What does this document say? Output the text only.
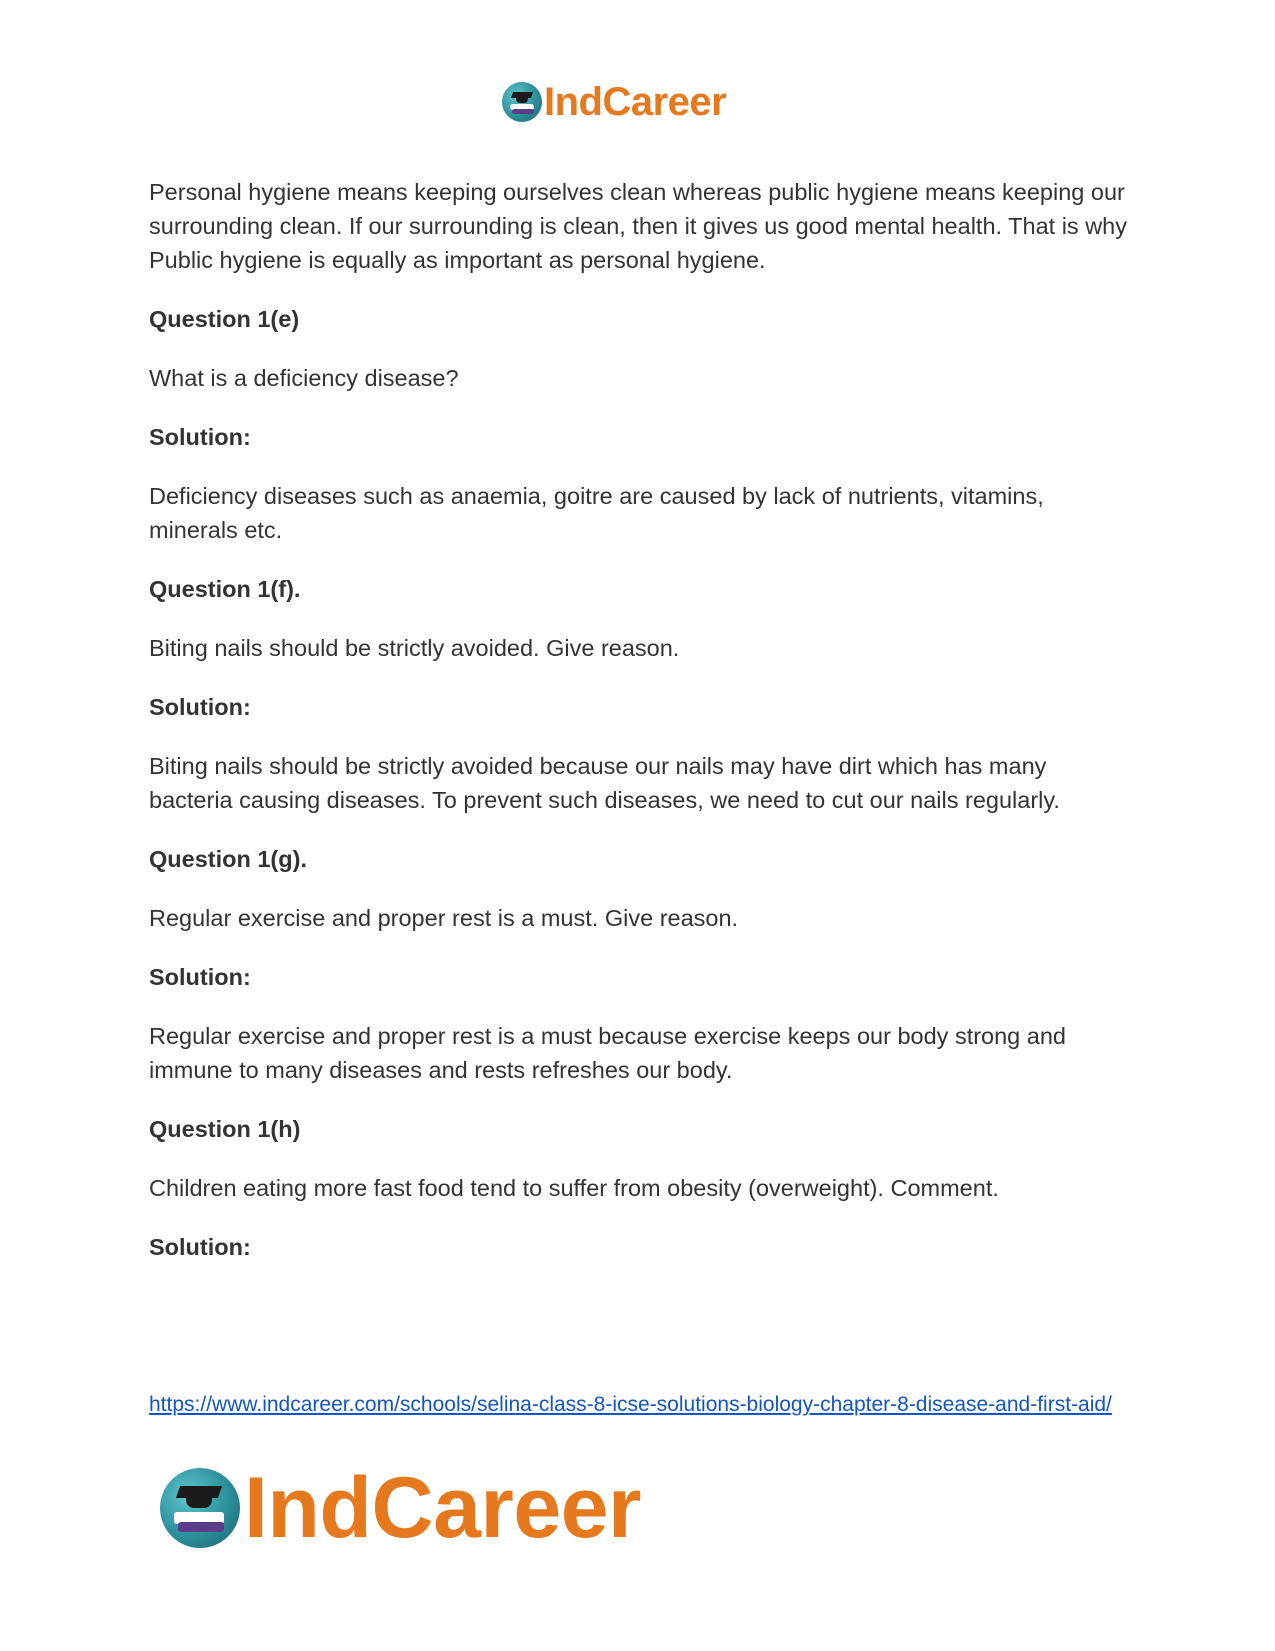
IndCareer
Personal hygiene means keeping ourselves clean whereas public hygiene means keeping our surrounding clean. If our surrounding is clean, then it gives us good mental health. That is why Public hygiene is equally as important as personal hygiene.
Question 1(e)
What is a deficiency disease?
Solution:
Deficiency diseases such as anaemia, goitre are caused by lack of nutrients, vitamins, minerals etc.
Question 1(f).
Biting nails should be strictly avoided. Give reason.
Solution:
Biting nails should be strictly avoided because our nails may have dirt which has many bacteria causing diseases. To prevent such diseases, we need to cut our nails regularly.
Question 1(g).
Regular exercise and proper rest is a must. Give reason.
Solution:
Regular exercise and proper rest is a must because exercise keeps our body strong and immune to many diseases and rests refreshes our body.
Question 1(h)
Children eating more fast food tend to suffer from obesity (overweight). Comment.
Solution:
https://www.indcareer.com/schools/selina-class-8-icse-solutions-biology-chapter-8-disease-and-first-aid/
IndCareer
